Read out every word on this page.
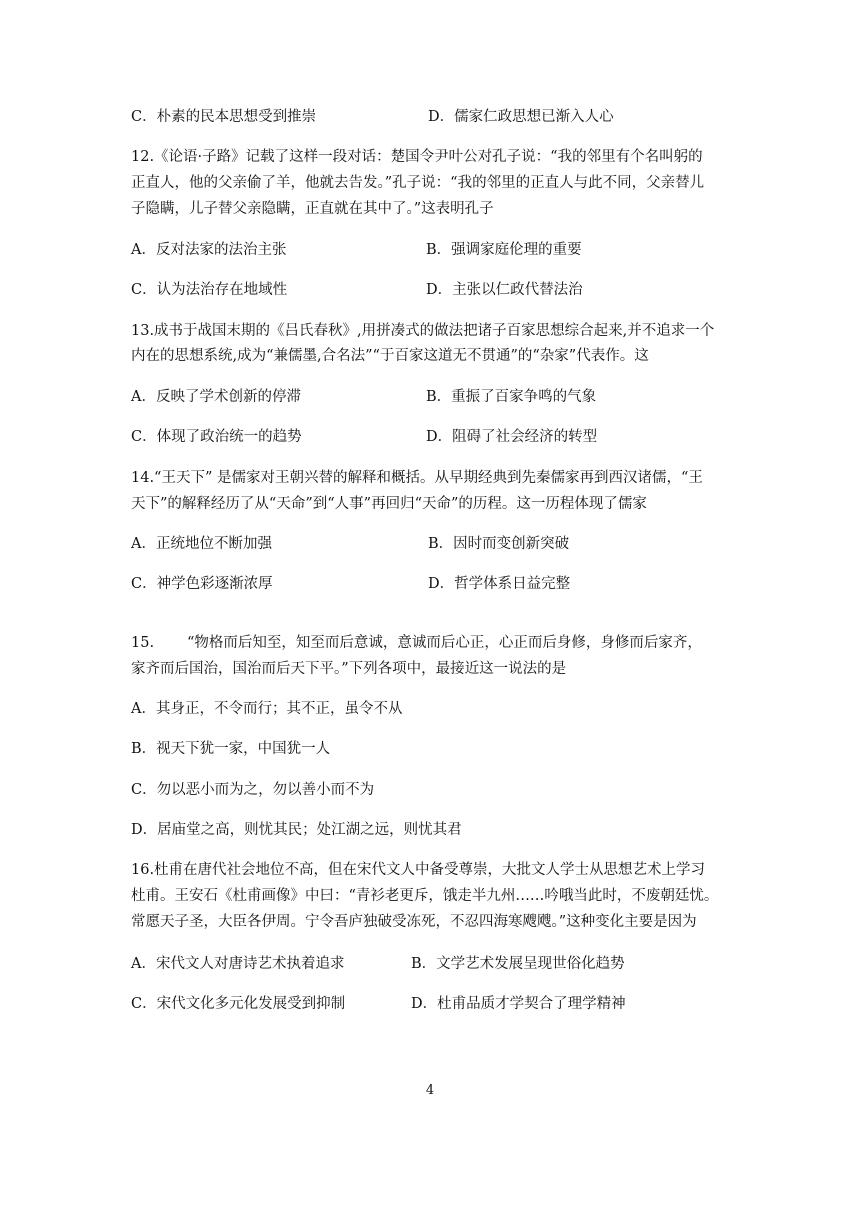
C．朴素的民本思想受到推崇	D．儒家仁政思想已渐入人心
12.《论语·子路》记载了这样一段对话：楚国令尹叶公对孔子说：“我的邻里有个名叫躬的
正直人，他的父亲偷了羊，他就去告发。”孔子说：“我的邻里的正直人与此不同，父亲替儿
子隐瞒，儿子替父亲隐瞒，正直就在其中了。”这表明孔子
A．反对法家的法治主张	B．强调家庭伦理的重要
C．认为法治存在地域性	D．主张以仁政代替法治
13.成书于战国末期的《吕氏春秋》,用拼凑式的做法把诸子百家思想综合起来,并不追求一个
内在的思想系统,成为“兼儒墨,合名法”“于百家这道无不贯通”的“杂家”代表作。这
A．反映了学术创新的停滞	B．重振了百家争鸣的气象
C．体现了政治统一的趋势	D．阻碍了社会经济的转型
14.“王天下” 是儒家对王朝兴替的解释和概括。从早期经典到先秦儒家再到西汉诸儒，“王
天下”的解释经历了从“天命”到“人事”再回归“天命”的历程。这一历程体现了儒家
A．正统地位不断加强	B．因时而变创新突破
C．神学色彩逐渐浓厚	D．哲学体系日益完整
15. “物格而后知至，知至而后意诚，意诚而后心正，心正而后身修，身修而后家齐，
家齐而后国治，国治而后天下平。”下列各项中，最接近这一说法的是
A．其身正，不令而行；其不正，虽令不从
B．视天下犹一家，中国犹一人
C．勿以恶小而为之，勿以善小而不为
D．居庙堂之高，则忧其民；处江湖之远，则忧其君
16.杜甫在唐代社会地位不高，但在宋代文人中备受尊崇，大批文人学士从思想艺术上学习
杜甫。王安石《杜甫画像》中曰：“青衫老更斥，饿走半九州……吟哦当此时，不废朝廷忧。
常愿天子圣，大臣各伊周。宁令吾庐独破受冻死，不忍四海寒飕飕。”这种变化主要是因为
A．宋代文人对唐诗艺术执着追求	B．文学艺术发展呈现世俗化趋势
C．宋代文化多元化发展受到抑制	D．杜甫品质才学契合了理学精神
4
